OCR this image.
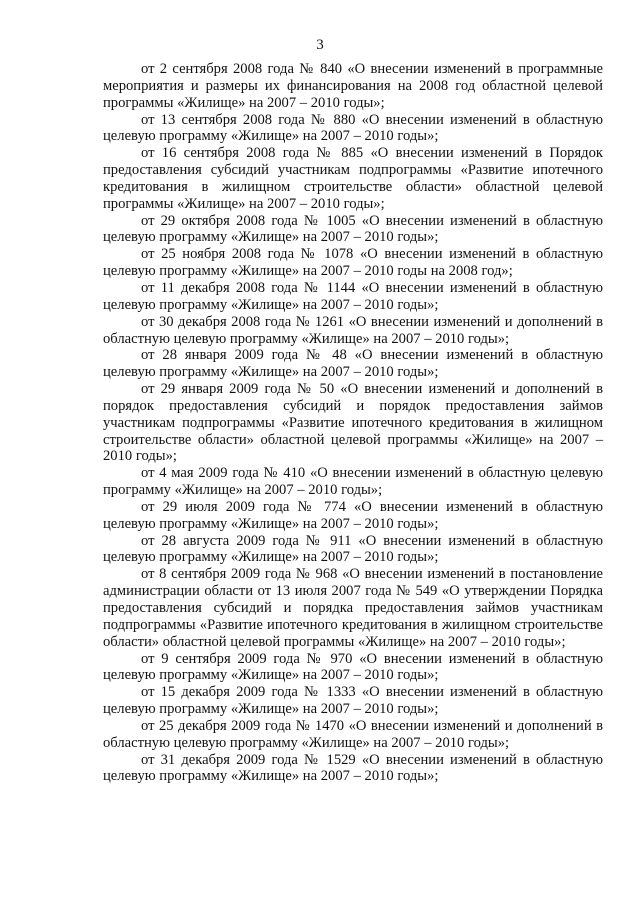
3

от 2 сентября 2008 года № 840 «О внесении изменений в программные мероприятия и размеры их финансирования на 2008 год областной целевой программы «Жилище» на 2007 – 2010 годы»;

от 13 сентября 2008 года № 880 «О внесении изменений в областную целевую программу «Жилище» на 2007 – 2010 годы»;

от 16 сентября 2008 года № 885 «О внесении изменений в Порядок предоставления субсидий участникам подпрограммы «Развитие ипотечного кредитования в жилищном строительстве области» областной целевой программы «Жилище» на 2007 – 2010 годы»;

от 29 октября 2008 года № 1005 «О внесении изменений в областную целевую программу «Жилище» на 2007 – 2010 годы»;

от 25 ноября 2008 года № 1078 «О внесении изменений в областную целевую программу «Жилище» на 2007 – 2010 годы на 2008 год»;

от 11 декабря 2008 года № 1144 «О внесении изменений в областную целевую программу «Жилище» на 2007 – 2010 годы»;

от 30 декабря 2008 года № 1261 «О внесении изменений и дополнений в областную целевую программу «Жилище» на 2007 – 2010 годы»;

от 28 января 2009 года № 48 «О внесении изменений в областную целевую программу «Жилище» на 2007 – 2010 годы»;

от 29 января 2009 года № 50 «О внесении изменений и дополнений в порядок предоставления субсидий и порядок предоставления займов участникам подпрограммы «Развитие ипотечного кредитования в жилищном строительстве области» областной целевой программы «Жилище» на 2007 – 2010 годы»;

от 4 мая 2009 года № 410 «О внесении изменений в областную целевую программу «Жилище» на 2007 – 2010 годы»;

от 29 июля 2009 года № 774 «О внесении изменений в областную целевую программу «Жилище» на 2007 – 2010 годы»;

от 28 августа 2009 года № 911 «О внесении изменений в областную целевую программу «Жилище» на 2007 – 2010 годы»;

от 8 сентября 2009 года № 968 «О внесении изменений в постановление администрации области от 13 июля 2007 года № 549 «О утверждении Порядка предоставления субсидий и порядка предоставления займов участникам подпрограммы «Развитие ипотечного кредитования в жилищном строительстве области» областной целевой программы «Жилище» на 2007 – 2010 годы»;

от 9 сентября 2009 года № 970 «О внесении изменений в областную целевую программу «Жилище» на 2007 – 2010 годы»;

от 15 декабря 2009 года № 1333 «О внесении изменений в областную целевую программу «Жилище» на 2007 – 2010 годы»;

от 25 декабря 2009 года № 1470 «О внесении изменений и дополнений в областную целевую программу «Жилище» на 2007 – 2010 годы»;

от 31 декабря 2009 года № 1529 «О внесении изменений в областную целевую программу «Жилище» на 2007 – 2010 годы»;
